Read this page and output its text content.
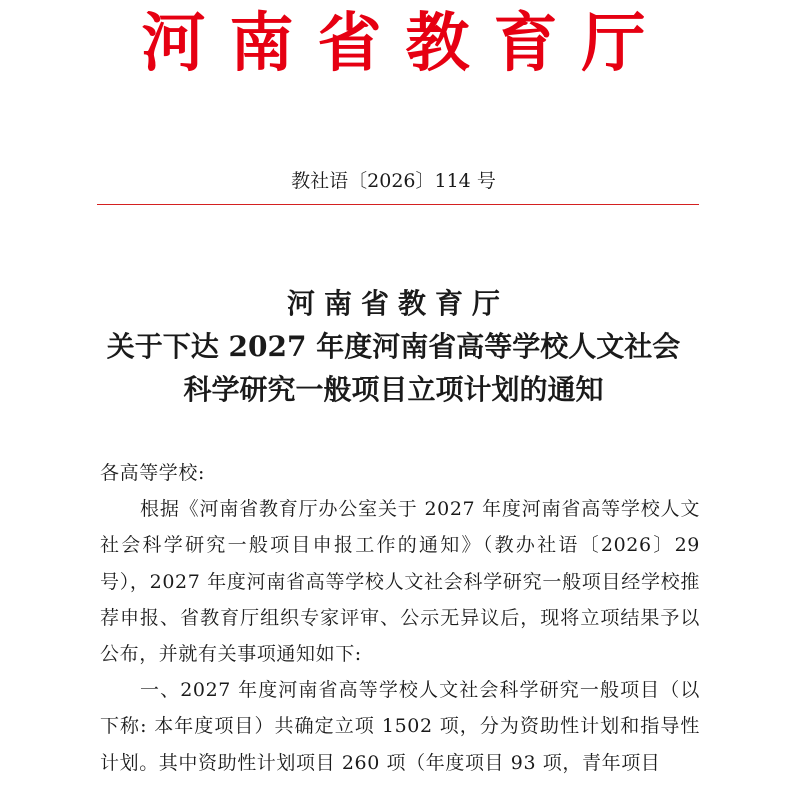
河南省教育厅
教社语〔2026〕114 号
河南省教育厅
关于下达 2027 年度河南省高等学校人文社会
科学研究一般项目立项计划的通知

各高等学校:

根据《河南省教育厅办公室关于 2027 年度河南省高等学校人文社会科学研究一般项目申报工作的通知》（教办社语〔2026〕29 号），2027 年度河南省高等学校人文社会科学研究一般项目经学校推荐申报、省教育厅组织专家评审、公示无异议后，现将立项结果予以公布，并就有关事项通知如下:

一、2027 年度河南省高等学校人文社会科学研究一般项目（以下称: 本年度项目）共确定立项 1502 项，分为资助性计划和指导性计划。其中资助性计划项目 260 项（年度项目 93 项，青年项目
